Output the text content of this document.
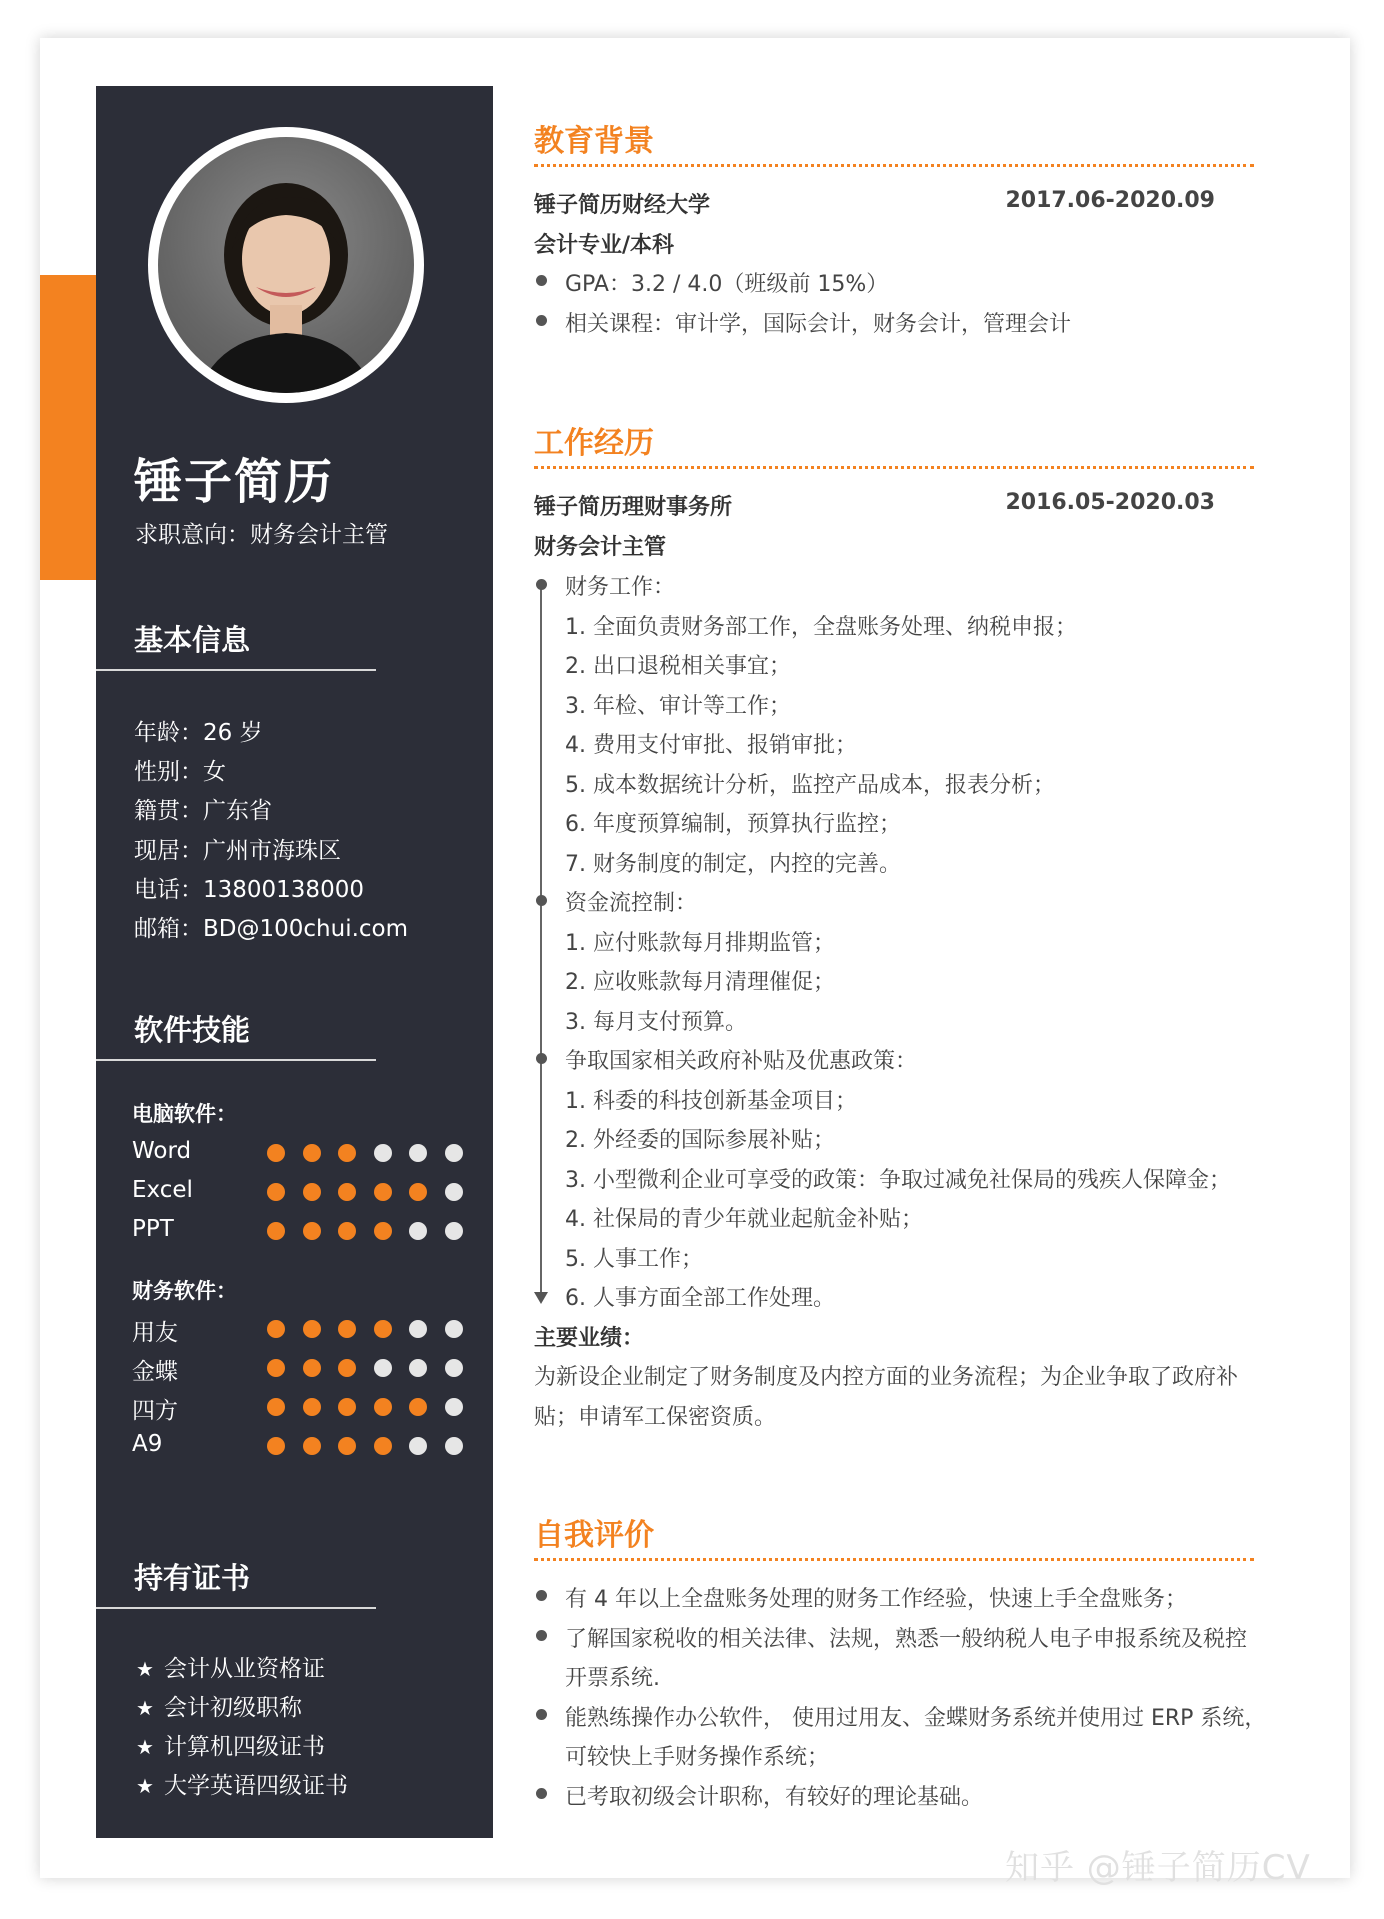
锤子简历
求职意向：财务会计主管
基本信息
年龄：26 岁
性别：女
籍贯：广东省
现居：广州市海珠区
电话：13800138000
邮箱：BD@100chui.com
软件技能
电脑软件：
Word
Excel
PPT
财务软件：
用友
金蝶
四方
A9
持有证书
★ 会计从业资格证
★ 会计初级职称
★ 计算机四级证书
★ 大学英语四级证书
教育背景
锤子简历财经大学	2017.06-2020.09
会计专业/本科
GPA：3.2 / 4.0（班级前 15%）
相关课程：审计学，国际会计，财务会计，管理会计
工作经历
锤子简历理财事务所	2016.05-2020.03
财务会计主管
财务工作：
1. 全面负责财务部工作，全盘账务处理、纳税申报；
2. 出口退税相关事宜；
3. 年检、审计等工作；
4. 费用支付审批、报销审批；
5. 成本数据统计分析，监控产品成本，报表分析；
6. 年度预算编制，预算执行监控；
7. 财务制度的制定，内控的完善。
资金流控制：
1. 应付账款每月排期监管；
2. 应收账款每月清理催促；
3. 每月支付预算。
争取国家相关政府补贴及优惠政策：
1. 科委的科技创新基金项目；
2. 外经委的国际参展补贴；
3. 小型微利企业可享受的政策：争取过减免社保局的残疾人保障金；
4. 社保局的青少年就业起航金补贴；
5. 人事工作；
6. 人事方面全部工作处理。
主要业绩：
为新设企业制定了财务制度及内控方面的业务流程；为企业争取了政府补
贴；申请军工保密资质。
自我评价
有 4 年以上全盘账务处理的财务工作经验，快速上手全盘账务；
了解国家税收的相关法律、法规，熟悉一般纳税人电子申报系统及税控
开票系统.
能熟练操作办公软件， 使用过用友、金蝶财务系统并使用过 ERP 系统，
可较快上手财务操作系统；
已考取初级会计职称，有较好的理论基础。
知乎 @锤子简历CV
